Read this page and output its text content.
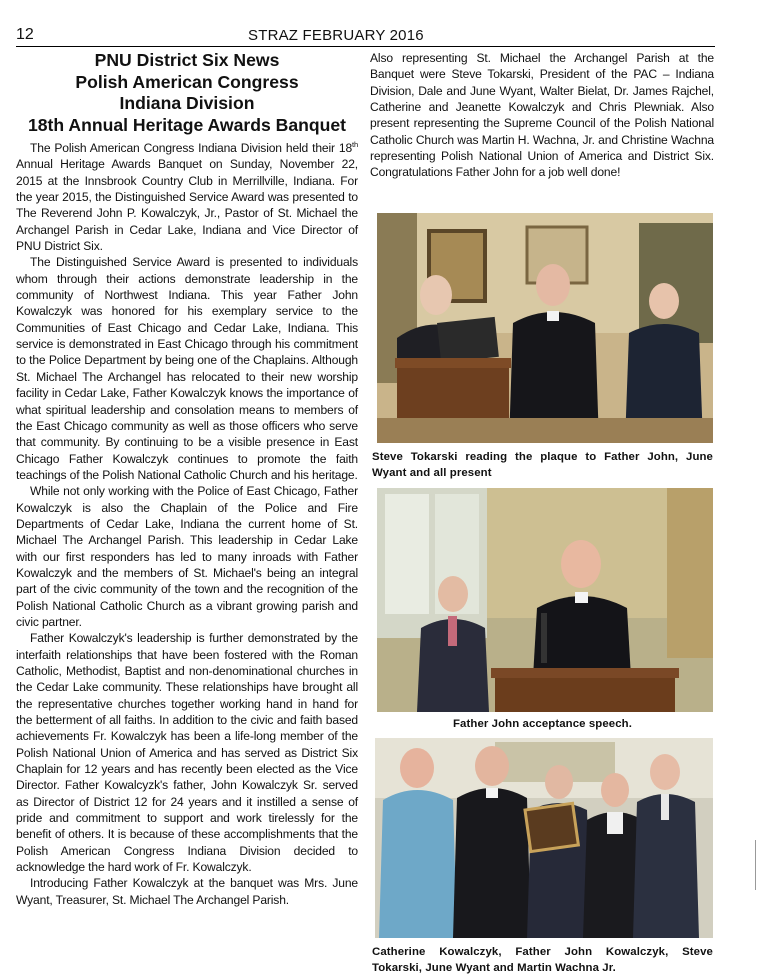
12	STRAZ FEBRUARY 2016
PNU District Six News
Polish American Congress
Indiana Division
18th Annual Heritage Awards Banquet

The Polish American Congress Indiana Division held their 18th Annual Heritage Awards Banquet on Sunday, November 22, 2015 at the Innsbrook Country Club in Merrillville, Indiana. For the year 2015, the Distinguished Service Award was presented to The Reverend John P. Kowalczyk, Jr., Pastor of St. Michael the Archangel Parish in Cedar Lake, Indiana and Vice Director of PNU District Six.

The Distinguished Service Award is presented to individuals whom through their actions demonstrate leadership in the community of Northwest Indiana. This year Father John Kowalczyk was honored for his exemplary service to the Communities of East Chicago and Cedar Lake, Indiana. This service is demonstrated in East Chicago through his commitment to the Police Department by being one of the Chaplains. Although St. Michael The Archangel has relocated to their new worship facility in Cedar Lake, Father Kowalczyk knows the importance of what spiritual leadership and consolation means to members of the East Chicago community as well as those officers who serve that community. By continuing to be a visible presence in East Chicago Father Kowalczyk continues to promote the faith teachings of the Polish National Catholic Church and his heritage.

While not only working with the Police of East Chicago, Father Kowalczyk is also the Chaplain of the Police and Fire Departments of Cedar Lake, Indiana the current home of St. Michael The Archangel Parish. This leadership in Cedar Lake with our first responders has led to many inroads with Father Kowalczyk and the members of St. Michael's being an integral part of the civic community of the town and the recognition of the Polish National Catholic Church as a vibrant growing parish and civic partner.

Father Kowalczyk's leadership is further demonstrated by the interfaith relationships that have been fostered with the Roman Catholic, Methodist, Baptist and non-denominational churches in the Cedar Lake community. These relationships have brought all the representative churches together working hand in hand for the betterment of all faiths. In addition to the civic and faith based achievements Fr. Kowalczyk has been a life-long member of the Polish National Union of America and has served as District Six Chaplain for 12 years and has recently been elected as the Vice Director. Father Kowalcyzk's father, John Kowalczyk Sr. served as Director of District 12 for 24 years and it instilled a sense of pride and commitment to support and work tirelessly for the benefit of others. It is because of these accomplishments that the Polish American Congress Indiana Division decided to acknowledge the hard work of Fr. Kowalczyk.

Introducing Father Kowalczyk at the banquet was Mrs. June Wyant, Treasurer, St. Michael The Archangel Parish.

Also representing St. Michael the Archangel Parish at the Banquet were Steve Tokarski, President of the PAC – Indiana Division, Dale and June Wyant, Walter Bielat, Dr. James Rajchel, Catherine and Jeanette Kowalczyk and Chris Plewniak. Also present representing the Supreme Council of the Polish National Catholic Church was Martin H. Wachna, Jr. and Christine Wachna representing Polish National Union of America and District Six. Congratulations Father John for a job well done!

Steve Tokarski reading the plaque to Father John, June Wyant and all present
Father John acceptance speech.
Catherine Kowalczyk, Father John Kowalczyk, Steve Tokarski, June Wyant and Martin Wachna Jr.
